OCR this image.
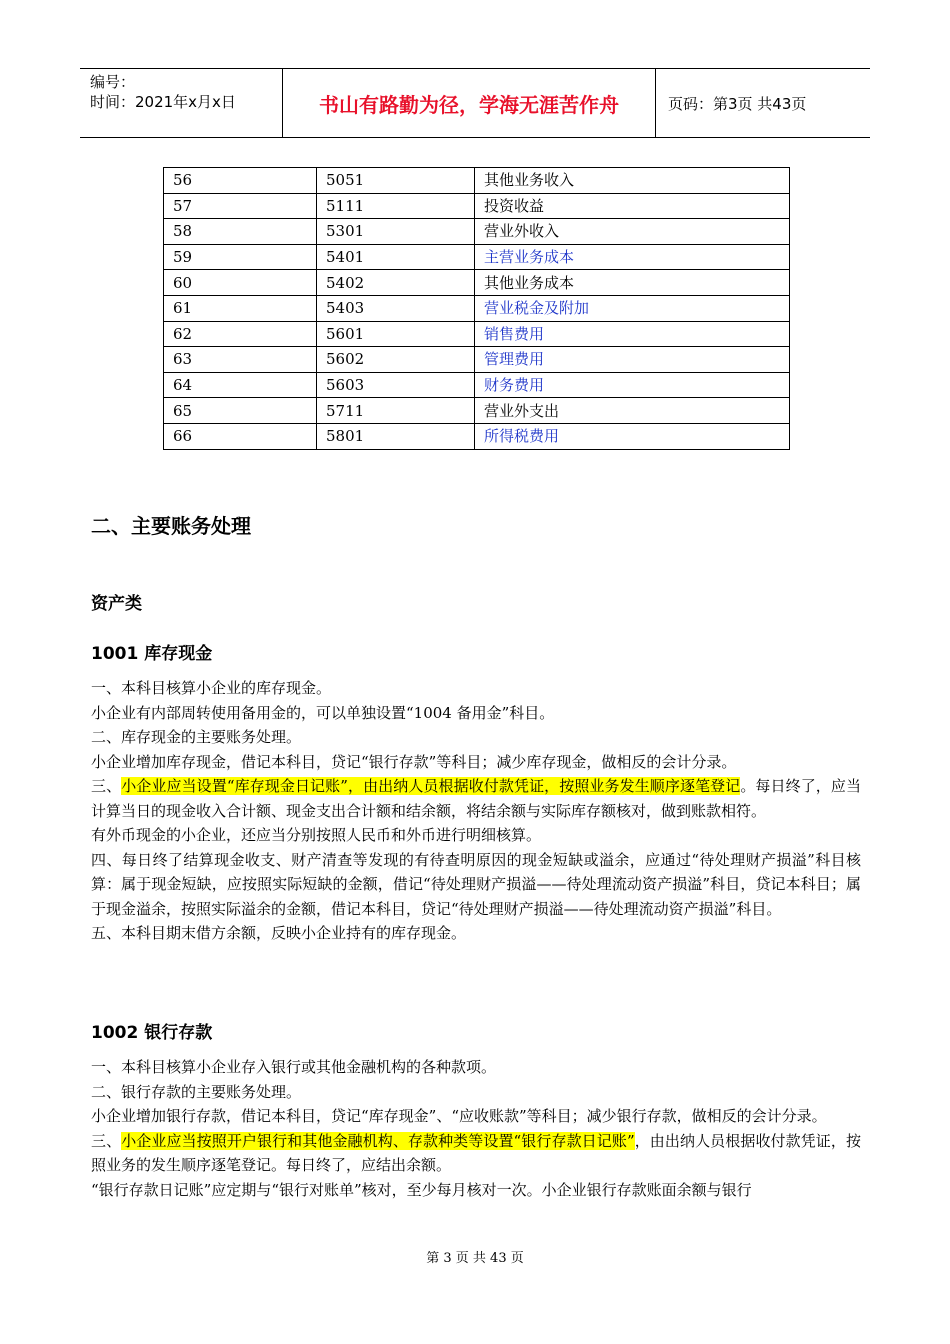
编号：
时间：2021年x月x日	书山有路勤为径，学海无涯苦作舟	页码：第3页 共43页
56	5051	其他业务收入
57	5111	投资收益
58	5301	营业外收入
59	5401	主营业务成本
60	5402	其他业务成本
61	5403	营业税金及附加
62	5601	销售费用
63	5602	管理费用
64	5603	财务费用
65	5711	营业外支出
66	5801	所得税费用
二、主要账务处理
资产类
1001 库存现金

一、本科目核算小企业的库存现金。

小企业有内部周转使用备用金的，可以单独设置“1004 备用金”科目。

二、库存现金的主要账务处理。

小企业增加库存现金，借记本科目，贷记“银行存款”等科目；减少库存现金，做相反的会计分录。

三、小企业应当设置“库存现金日记账”，由出纳人员根据收付款凭证，按照业务发生顺序逐笔登记。每日终了，应当计算当日的现金收入合计额、现金支出合计额和结余额，将结余额与实际库存额核对，做到账款相符。

有外币现金的小企业，还应当分别按照人民币和外币进行明细核算。

四、每日终了结算现金收支、财产清查等发现的有待查明原因的现金短缺或溢余，应通过“待处理财产损溢”科目核算：属于现金短缺，应按照实际短缺的金额，借记“待处理财产损溢——待处理流动资产损溢”科目，贷记本科目；属于现金溢余，按照实际溢余的金额，借记本科目，贷记“待处理财产损溢——待处理流动资产损溢”科目。

五、本科目期末借方余额，反映小企业持有的库存现金。

1002 银行存款

一、本科目核算小企业存入银行或其他金融机构的各种款项。

二、银行存款的主要账务处理。

小企业增加银行存款，借记本科目，贷记“库存现金”、“应收账款”等科目；减少银行存款，做相反的会计分录。

三、小企业应当按照开户银行和其他金融机构、存款种类等设置“银行存款日记账”，由出纳人员根据收付款凭证，按照业务的发生顺序逐笔登记。每日终了，应结出余额。

“银行存款日记账”应定期与“银行对账单”核对，至少每月核对一次。小企业银行存款账面余额与银行

第 3 页 共 43 页
